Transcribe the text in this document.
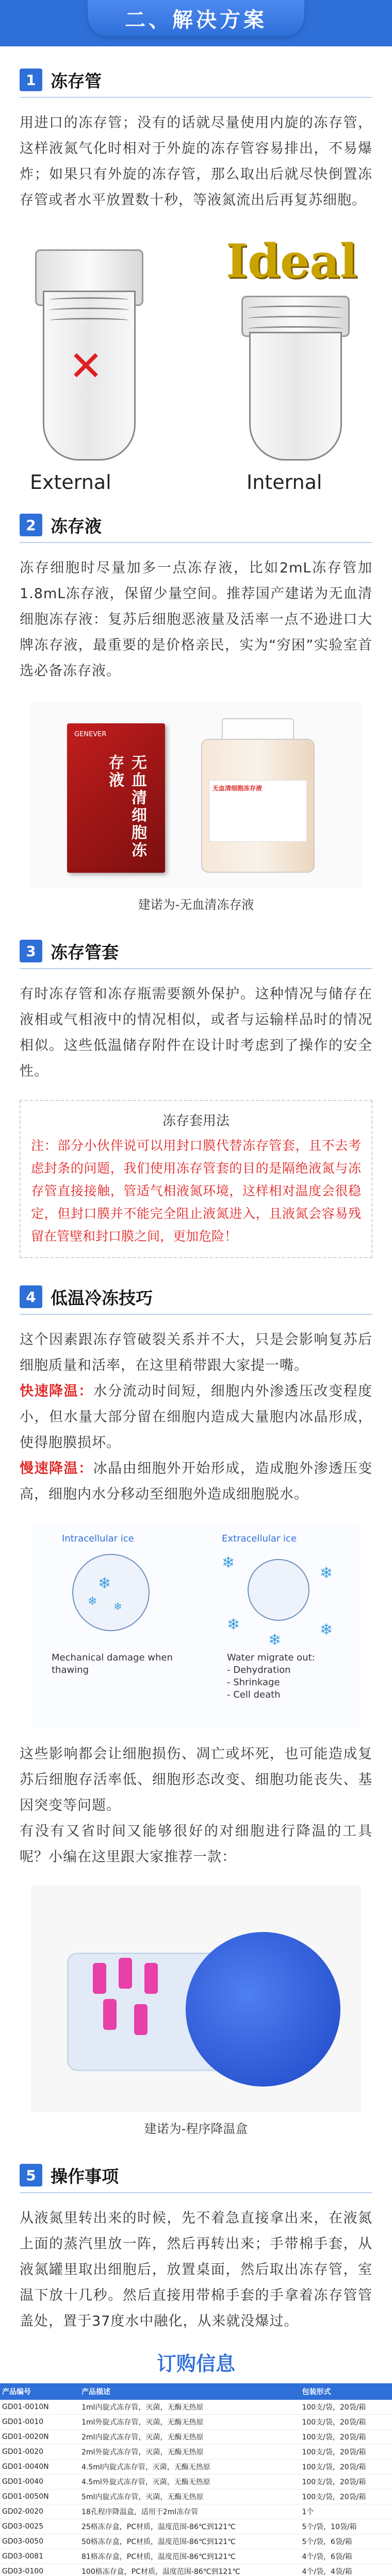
二、解决方案
1 冻存管

用进口的冻存管；没有的话就尽量使用内旋的冻存管，这样液氮气化时相对于外旋的冻存管容易排出，不易爆炸；如果只有外旋的冻存管，那么取出后就尽快倒置冻存管或者水平放置数十秒，等液氮流出后再复苏细胞。

✕
External
Ideal
Internal
2 冻存液

冻存细胞时尽量加多一点冻存液，比如2mL冻存管加1.8mL冻存液，保留少量空间。推荐国产建诺为无血清细胞冻存液：复苏后细胞恶液量及活率一点不逊进口大牌冻存液，最重要的是价格亲民，实为“穷困”实验室首选必备冻存液。

GENEVER
无血清细胞冻存液	无血清细胞冻存液
建诺为-无血清冻存液
3 冻存管套

有时冻存管和冻存瓶需要额外保护。这种情况与储存在液相或气相液中的情况相似，或者与运输样品时的情况相似。这些低温储存附件在设计时考虑到了操作的安全性。

冻存套用法

注：部分小伙伴说可以用封口膜代替冻存管套，且不去考虑封条的问题，我们使用冻存管套的目的是隔绝液氮与冻存管直接接触，管适气相液氮环境，这样相对温度会很稳定，但封口膜并不能完全阻止液氮进入，且液氮会容易残留在管壁和封口膜之间，更加危险！

4 低温冷冻技巧

这个因素跟冻存管破裂关系并不大，只是会影响复苏后细胞质量和活率，在这里稍带跟大家提一嘴。

快速降温：水分流动时间短，细胞内外渗透压改变程度小，但水量大部分留在细胞内造成大量胞内冰晶形成，使得胞膜损坏。

慢速降温：冰晶由细胞外开始形成，造成胞外渗透压变高，细胞内水分移动至细胞外造成细胞脱水。

Intracellular ice	Extracellular ice
❄
❄ ❄
❄
❄
❄	❄
❄
Mechanical damage when thawing
Water migrate out:
- Dehydration
- Shrinkage
- Cell death

这些影响都会让细胞损伤、凋亡或坏死，也可能造成复苏后细胞存活率低、细胞形态改变、细胞功能丧失、基因突变等问题。

有没有又省时间又能够很好的对细胞进行降温的工具呢？小编在这里跟大家推荐一款：

建诺为-程序降温盒
5 操作事项

从液氮里转出来的时候，先不着急直接拿出来，在液氮上面的蒸汽里放一阵，然后再转出来；手带棉手套，从液氮罐里取出细胞后，放置桌面，然后取出冻存管，室温下放十几秒。然后直接用带棉手套的手拿着冻存管管盖处，置于37度水中融化，从来就没爆过。

订购信息
产品编号	产品描述	包装形式
GD01-0010N	1ml内旋式冻存管，灭菌，无酶无热原	100支/袋，20袋/箱
GD01-0010	1ml外旋式冻存管，灭菌，无酶无热原	100支/袋，20袋/箱
GD01-0020N	2ml内旋式冻存管，灭菌，无酶无热原	100支/袋，20袋/箱
GD01-0020	2ml外旋式冻存管，灭菌，无酶无热原	100支/袋，20袋/箱
GD01-0040N	4.5ml内旋式冻存管，灭菌，无酶无热原	100支/袋，20袋/箱
GD01-0040	4.5ml外旋式冻存管，灭菌，无酶无热原	100支/袋，20袋/箱
GD01-0050N	5ml内旋式冻存管，灭菌，无酶无热原	100支/袋，20袋/箱
GD02-0020	18孔程序降温盒，适用于2ml冻存管	1个
GD03-0025	25格冻存盒，PC材质，温度范围-86℃到121℃	5个/袋，10袋/箱
GD03-0050	50格冻存盒，PC材质，温度范围-86℃到121℃	5个/袋，6袋/箱
GD03-0081	81格冻存盒，PC材质，温度范围-86℃到121℃	4个/袋，6袋/箱
GD03-0100	100格冻存盒，PC材质，温度范围-86℃到121℃	4个/袋，4袋/箱
